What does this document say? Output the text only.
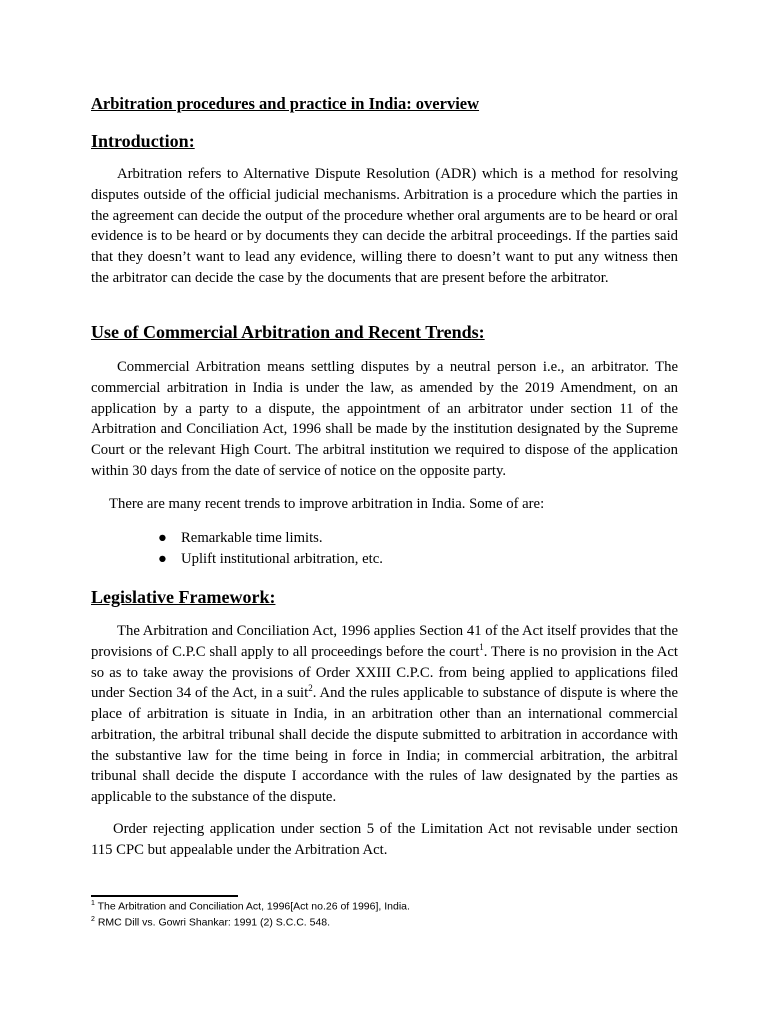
Arbitration procedures and practice in India: overview
Introduction:
Arbitration refers to Alternative Dispute Resolution (ADR) which is a method for resolving disputes outside of the official judicial mechanisms. Arbitration is a procedure which the parties in the agreement can decide the output of the procedure whether oral arguments are to be heard or oral evidence is to be heard or by documents they can decide the arbitral proceedings. If the parties said that they doesn’t want to lead any evidence, willing there to doesn’t want to put any witness then the arbitrator can decide the case by the documents that are present before the arbitrator.
Use of Commercial Arbitration and Recent Trends:
Commercial Arbitration means settling disputes by a neutral person i.e., an arbitrator. The commercial arbitration in India is under the law, as amended by the 2019 Amendment, on an application by a party to a dispute, the appointment of an arbitrator under section 11 of the Arbitration and Conciliation Act, 1996 shall be made by the institution designated by the Supreme Court or the relevant High Court. The arbitral institution we required to dispose of the application within 30 days from the date of service of notice on the opposite party.
There are many recent trends to improve arbitration in India. Some of are:
● Remarkable time limits.
● Uplift institutional arbitration, etc.
Legislative Framework:
The Arbitration and Conciliation Act, 1996 applies Section 41 of the Act itself provides that the provisions of C.P.C shall apply to all proceedings before the court$^1$. There is no provision in the Act so as to take away the provisions of Order XXIII C.P.C. from being applied to applications filed under Section 34 of the Act, in a suit$^2$. And the rules applicable to substance of dispute is where the place of arbitration is situate in India, in an arbitration other than an international commercial arbitration, the arbitral tribunal shall decide the dispute submitted to arbitration in accordance with the substantive law for the time being in force in India; in commercial arbitration, the arbitral tribunal shall decide the dispute I accordance with the rules of law designated by the parties as applicable to the substance of the dispute.
Order rejecting application under section 5 of the Limitation Act not revisable under section 115 CPC but appealable under the Arbitration Act.
$^1$ The Arbitration and Conciliation Act, 1996[Act no.26 of 1996], India.
$^2$ RMC Dill vs. Gowri Shankar: 1991 (2) S.C.C. 548.
